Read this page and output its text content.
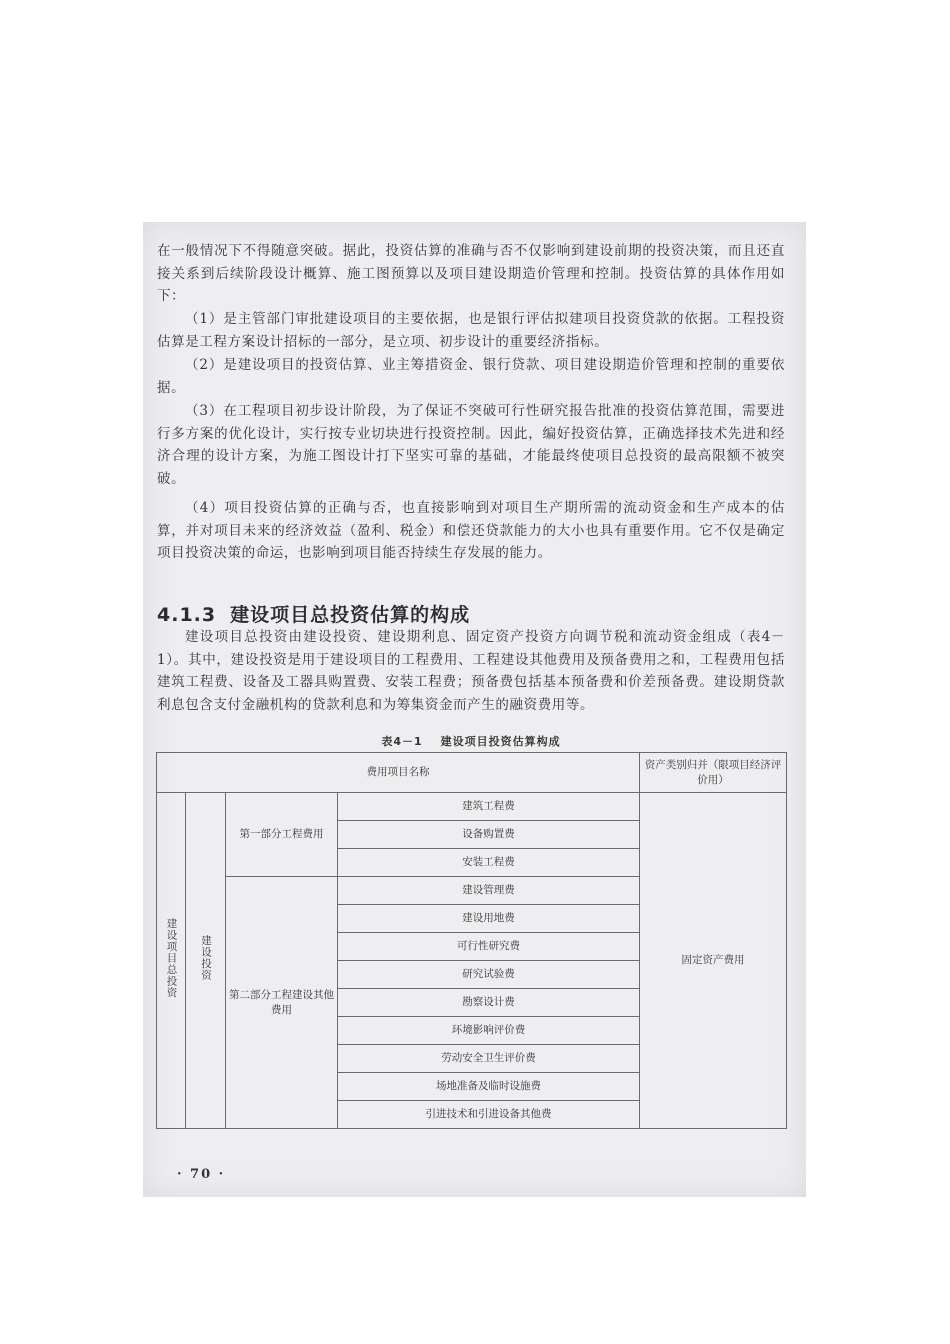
在一般情况下不得随意突破。据此，投资估算的准确与否不仅影响到建设前期的投资决策，而且还直接关系到后续阶段设计概算、施工图预算以及项目建设期造价管理和控制。投资估算的具体作用如下：

（1）是主管部门审批建设项目的主要依据，也是银行评估拟建项目投资贷款的依据。工程投资估算是工程方案设计招标的一部分，是立项、初步设计的重要经济指标。

（2）是建设项目的投资估算、业主筹措资金、银行贷款、项目建设期造价管理和控制的重要依据。

（3）在工程项目初步设计阶段，为了保证不突破可行性研究报告批准的投资估算范围，需要进行多方案的优化设计，实行按专业切块进行投资控制。因此，编好投资估算，正确选择技术先进和经济合理的设计方案，为施工图设计打下坚实可靠的基础，才能最终使项目总投资的最高限额不被突破。

（4）项目投资估算的正确与否，也直接影响到对项目生产期所需的流动资金和生产成本的估算，并对项目未来的经济效益（盈利、税金）和偿还贷款能力的大小也具有重要作用。它不仅是确定项目投资决策的命运，也影响到项目能否持续生存发展的能力。

4.1.3 建设项目总投资估算的构成

建设项目总投资由建设投资、建设期利息、固定资产投资方向调节税和流动资金组成（表4－1）。其中，建设投资是用于建设项目的工程费用、工程建设其他费用及预备费用之和，工程费用包括建筑工程费、设备及工器具购置费、安装工程费；预备费包括基本预备费和价差预备费。建设期贷款利息包含支付金融机构的贷款利息和为筹集资金而产生的融资费用等。

表4－1 建设项目投资估算构成
费用项目名称				资产类别归并（限项目经济评价用）
建设项目总投资	建设投资	第一部分工程费用	建筑工程费	固定资产费用
			设备购置费	
			安装工程费	
		第二部分工程建设其他费用	建设管理费	
			建设用地费	
			可行性研究费	
			研究试验费	
			勘察设计费	
			环境影响评价费	
			劳动安全卫生评价费	
			场地准备及临时设施费	
			引进技术和引进设备其他费	
· 70 ·
